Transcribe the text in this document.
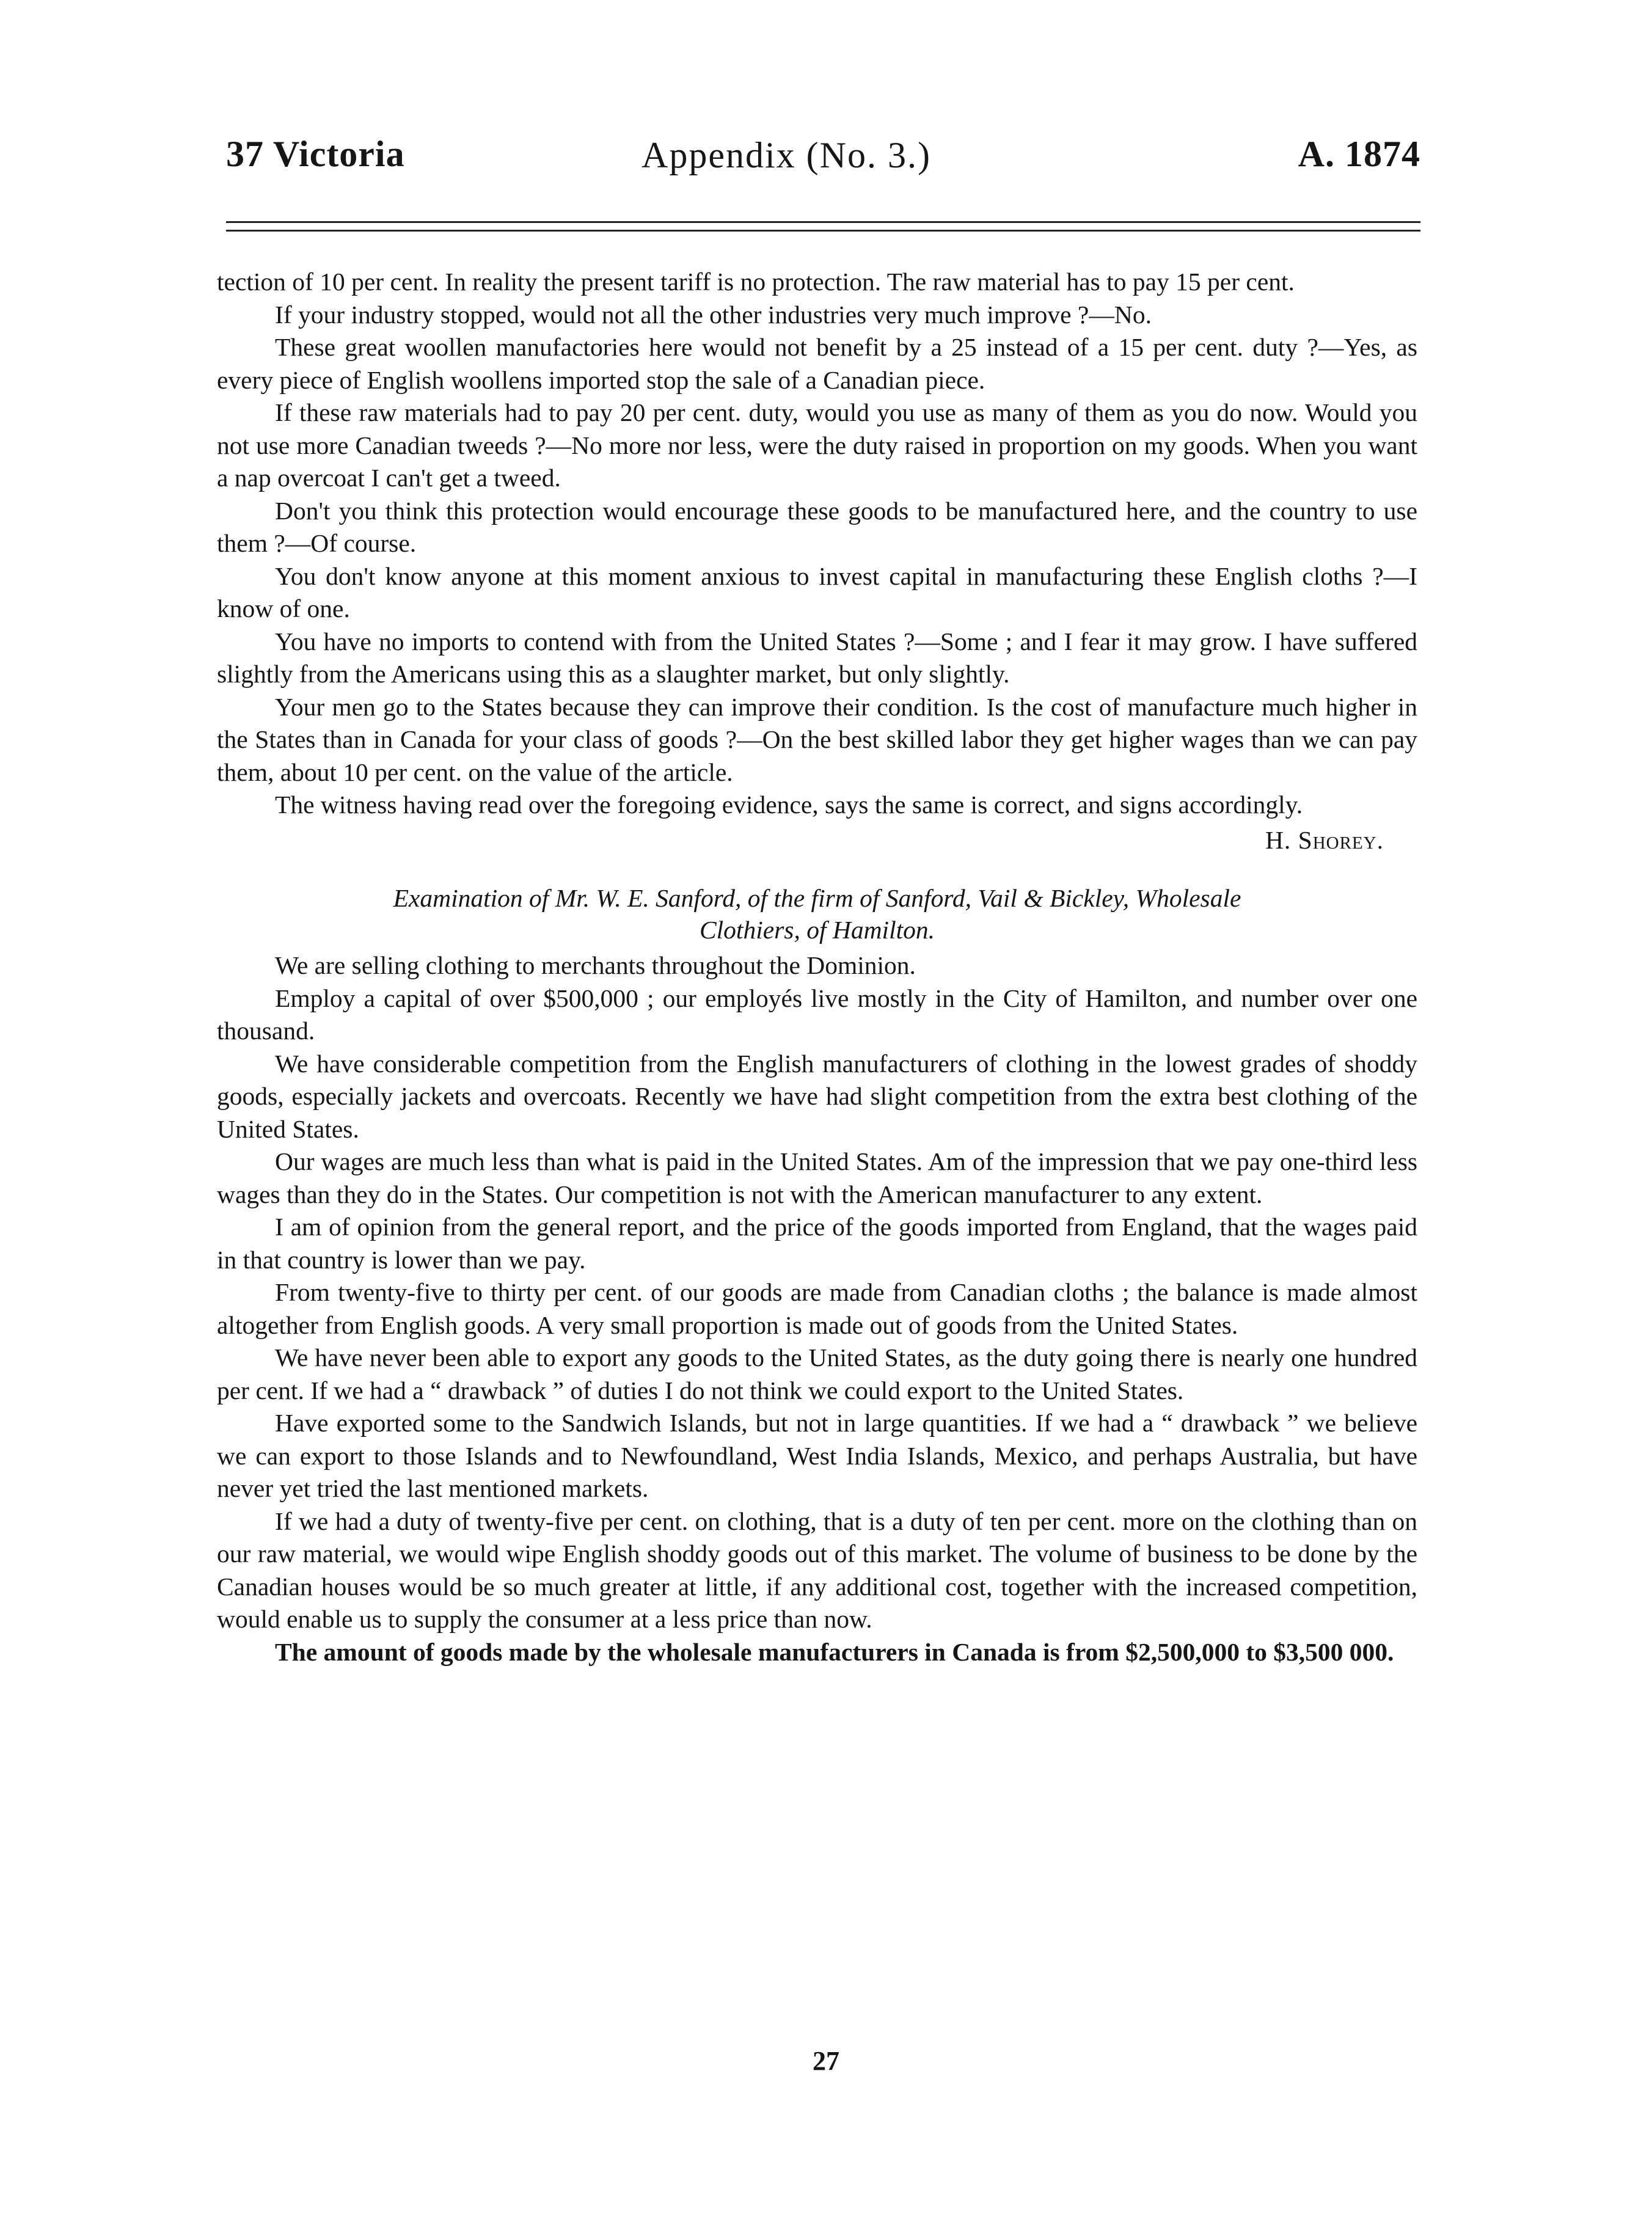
37 Victoria	Appendix (No. 3.)	A. 1874

tection of 10 per cent. In reality the present tariff is no protection. The raw material has to pay 15 per cent.

If your industry stopped, would not all the other industries very much improve ?—No.

These great woollen manufactories here would not benefit by a 25 instead of a 15 per cent. duty ?—Yes, as every piece of English woollens imported stop the sale of a Canadian piece.

If these raw materials had to pay 20 per cent. duty, would you use as many of them as you do now. Would you not use more Canadian tweeds ?—No more nor less, were the duty raised in proportion on my goods. When you want a nap overcoat I can't get a tweed.

Don't you think this protection would encourage these goods to be manufactured here, and the country to use them ?—Of course.

You don't know anyone at this moment anxious to invest capital in manufacturing these English cloths ?—I know of one.

You have no imports to contend with from the United States ?—Some ; and I fear it may grow. I have suffered slightly from the Americans using this as a slaughter market, but only slightly.

Your men go to the States because they can improve their condition. Is the cost of manufacture much higher in the States than in Canada for your class of goods ?—On the best skilled labor they get higher wages than we can pay them, about 10 per cent. on the value of the article.

The witness having read over the foregoing evidence, says the same is correct, and signs accordingly.

H. Shorey.

Examination of Mr. W. E. Sanford, of the firm of Sanford, Vail & Bickley, Wholesale
Clothiers, of Hamilton.

We are selling clothing to merchants throughout the Dominion.

Employ a capital of over $500,000 ; our employés live mostly in the City of Hamilton, and number over one thousand.

We have considerable competition from the English manufacturers of clothing in the lowest grades of shoddy goods, especially jackets and overcoats. Recently we have had slight competition from the extra best clothing of the United States.

Our wages are much less than what is paid in the United States. Am of the impression that we pay one-third less wages than they do in the States. Our competition is not with the American manufacturer to any extent.

I am of opinion from the general report, and the price of the goods imported from England, that the wages paid in that country is lower than we pay.

From twenty-five to thirty per cent. of our goods are made from Canadian cloths ; the balance is made almost altogether from English goods. A very small proportion is made out of goods from the United States.

We have never been able to export any goods to the United States, as the duty going there is nearly one hundred per cent. If we had a “ drawback ” of duties I do not think we could export to the United States.

Have exported some to the Sandwich Islands, but not in large quantities. If we had a “ drawback ” we believe we can export to those Islands and to Newfoundland, West India Islands, Mexico, and perhaps Australia, but have never yet tried the last mentioned markets.

If we had a duty of twenty-five per cent. on clothing, that is a duty of ten per cent. more on the clothing than on our raw material, we would wipe English shoddy goods out of this market. The volume of business to be done by the Canadian houses would be so much greater at little, if any additional cost, together with the increased competition, would enable us to supply the consumer at a less price than now.

The amount of goods made by the wholesale manufacturers in Canada is from $2,500,000 to $3,500 000.

27
